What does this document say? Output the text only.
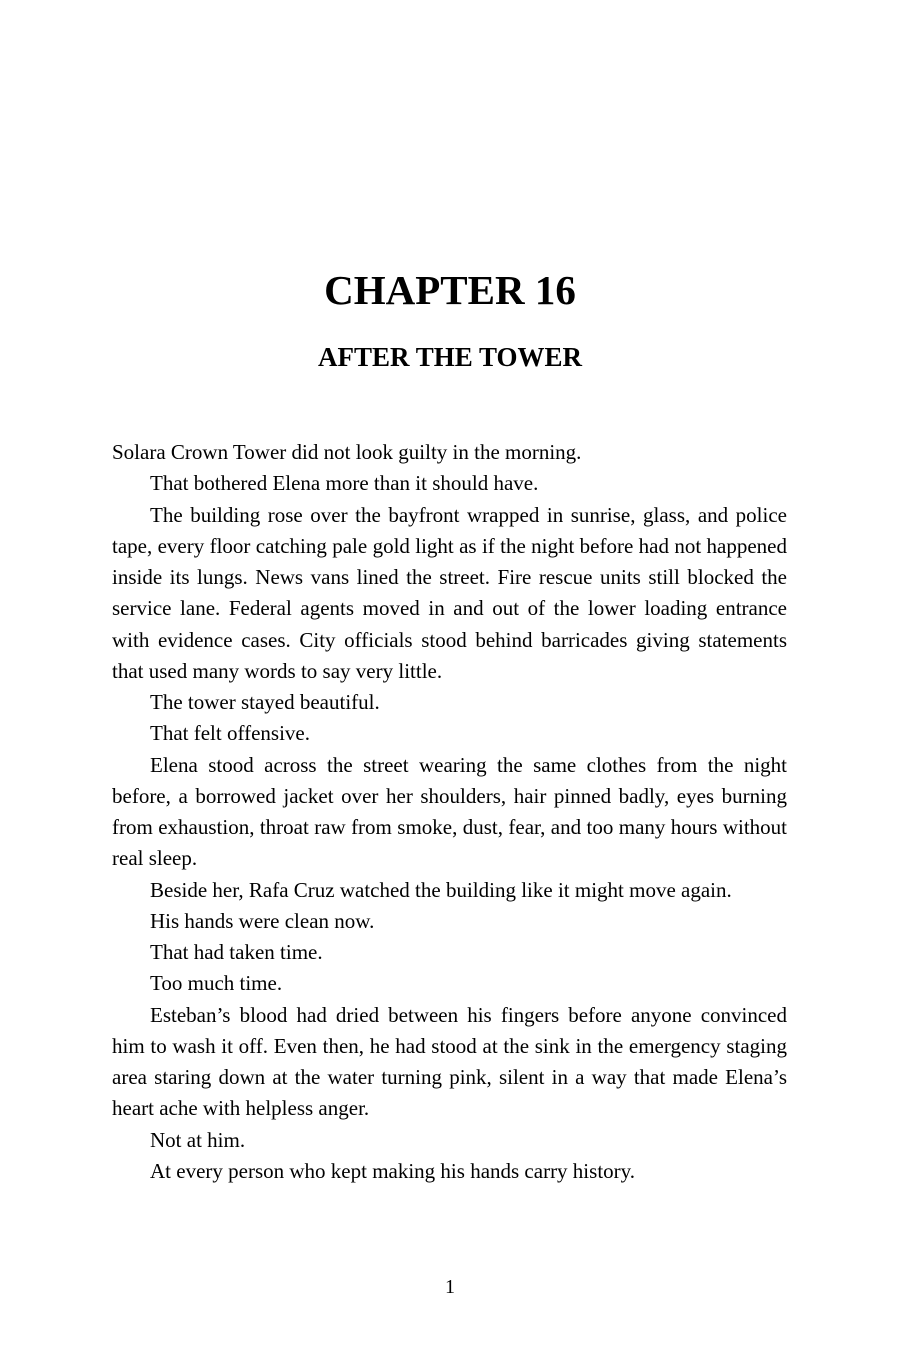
CHAPTER 16
AFTER THE TOWER

Solara Crown Tower did not look guilty in the morning.

That bothered Elena more than it should have.

The building rose over the bayfront wrapped in sunrise, glass, and police tape, every floor catching pale gold light as if the night before had not happened inside its lungs. News vans lined the street. Fire rescue units still blocked the service lane. Federal agents moved in and out of the lower loading entrance with evidence cases. City officials stood behind barricades giving statements that used many words to say very little.

The tower stayed beautiful.

That felt offensive.

Elena stood across the street wearing the same clothes from the night before, a borrowed jacket over her shoulders, hair pinned badly, eyes burning from exhaustion, throat raw from smoke, dust, fear, and too many hours without real sleep.

Beside her, Rafa Cruz watched the building like it might move again.

His hands were clean now.

That had taken time.

Too much time.

Esteban’s blood had dried between his fingers before anyone convinced him to wash it off. Even then, he had stood at the sink in the emergency staging area staring down at the water turning pink, silent in a way that made Elena’s heart ache with helpless anger.

Not at him.

At every person who kept making his hands carry history.

1
